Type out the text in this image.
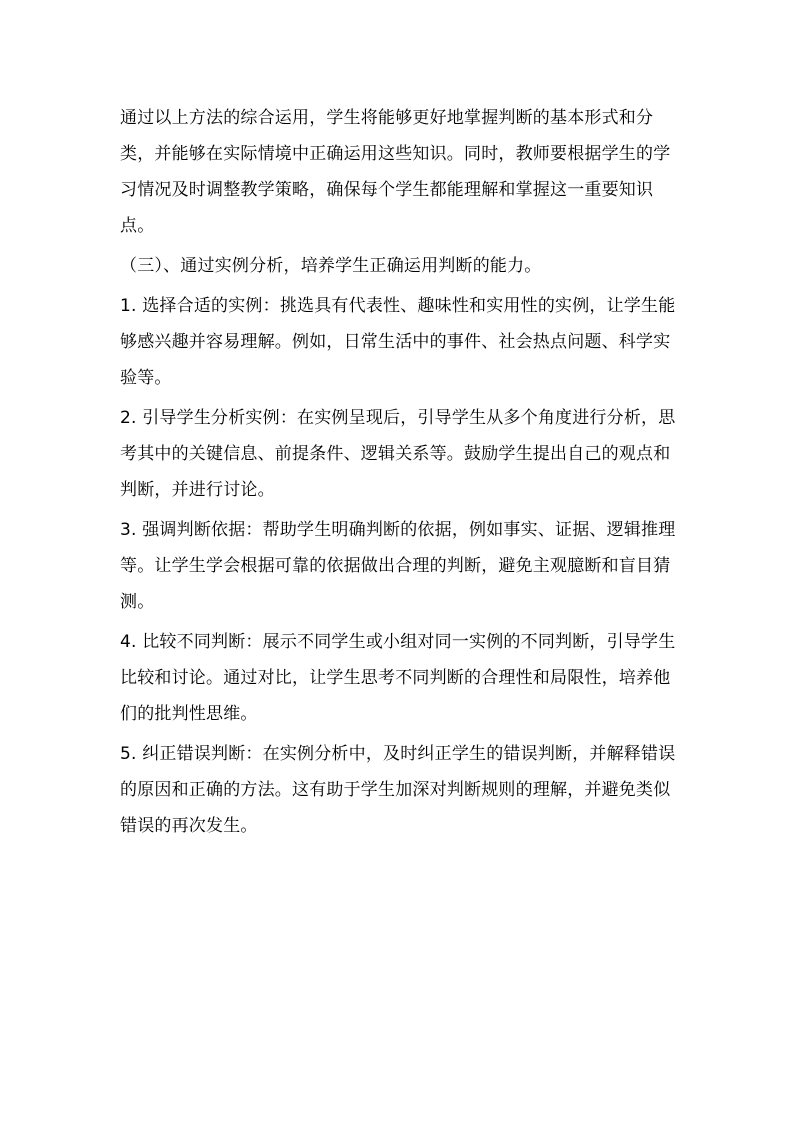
通过以上方法的综合运用，学生将能够更好地掌握判断的基本形式和分类，并能够在实际情境中正确运用这些知识。同时，教师要根据学生的学习情况及时调整教学策略，确保每个学生都能理解和掌握这一重要知识点。

（三）、通过实例分析，培养学生正确运用判断的能力。

1. 选择合适的实例：挑选具有代表性、趣味性和实用性的实例，让学生能够感兴趣并容易理解。例如，日常生活中的事件、社会热点问题、科学实验等。

2. 引导学生分析实例：在实例呈现后，引导学生从多个角度进行分析，思考其中的关键信息、前提条件、逻辑关系等。鼓励学生提出自己的观点和判断，并进行讨论。

3. 强调判断依据：帮助学生明确判断的依据，例如事实、证据、逻辑推理等。让学生学会根据可靠的依据做出合理的判断，避免主观臆断和盲目猜测。

4. 比较不同判断：展示不同学生或小组对同一实例的不同判断，引导学生比较和讨论。通过对比，让学生思考不同判断的合理性和局限性，培养他们的批判性思维。

5. 纠正错误判断：在实例分析中，及时纠正学生的错误判断，并解释错误的原因和正确的方法。这有助于学生加深对判断规则的理解，并避免类似错误的再次发生。
